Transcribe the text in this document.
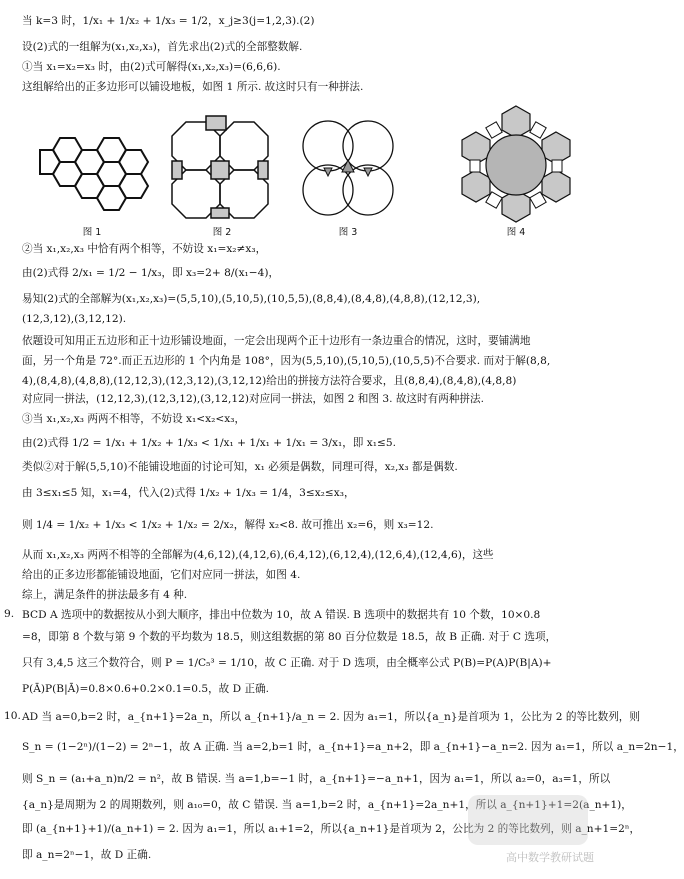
当 k=3 时，1/x₁ + 1/x₂ + 1/x₃ = 1/2，x_j≥3(j=1,2,3).(2)
设(2)式的一组解为(x₁,x₂,x₃)，首先求出(2)式的全部整数解.
①当 x₁=x₂=x₃ 时，由(2)式可解得(x₁,x₂,x₃)=(6,6,6).
这组解给出的正多边形可以铺设地板，如图 1 所示. 故这时只有一种拼法.
图 1	图 2	图 3	图 4
②当 x₁,x₂,x₃ 中恰有两个相等，不妨设 x₁=x₂≠x₃，
由(2)式得 2/x₁ = 1/2 − 1/x₃，即 x₃=2+ 8/(x₁−4)，
易知(2)式的全部解为(x₁,x₂,x₃)=(5,5,10),(5,10,5),(10,5,5),(8,8,4),(8,4,8),(4,8,8),(12,12,3),
(12,3,12),(3,12,12).
依题设可知用正五边形和正十边形铺设地面，一定会出现两个正十边形有一条边重合的情况，这时，要铺满地
面，另一个角是 72°.而正五边形的 1 个内角是 108°，因为(5,5,10),(5,10,5),(10,5,5)不合要求. 而对于解(8,8,
4),(8,4,8),(4,8,8),(12,12,3),(12,3,12),(3,12,12)给出的拼接方法符合要求，且(8,8,4),(8,4,8),(4,8,8)
对应同一拼法，(12,12,3),(12,3,12),(3,12,12)对应同一拼法，如图 2 和图 3. 故这时有两种拼法.
③当 x₁,x₂,x₃ 两两不相等，不妨设 x₁<x₂<x₃，
由(2)式得 1/2 = 1/x₁ + 1/x₂ + 1/x₃ < 1/x₁ + 1/x₁ + 1/x₁ = 3/x₁，即 x₁≤5.
类似②对于解(5,5,10)不能铺设地面的讨论可知，x₁ 必须是偶数，同理可得，x₂,x₃ 都是偶数.
由 3≤x₁≤5 知，x₁=4，代入(2)式得 1/x₂ + 1/x₃ = 1/4，3≤x₂≤x₃，
则 1/4 = 1/x₂ + 1/x₃ < 1/x₂ + 1/x₂ = 2/x₂，解得 x₂<8. 故可推出 x₂=6，则 x₃=12.
从而 x₁,x₂,x₃ 两两不相等的全部解为(4,6,12),(4,12,6),(6,4,12),(6,12,4),(12,6,4),(12,4,6)，这些
给出的正多边形都能铺设地面，它们对应同一拼法，如图 4.
综上，满足条件的拼法最多有 4 种.
9. BCD A 选项中的数据按从小到大顺序，排出中位数为 10，故 A 错误. B 选项中的数据共有 10 个数，10×0.8
=8，即第 8 个数与第 9 个数的平均数为 18.5，则这组数据的第 80 百分位数是 18.5，故 B 正确. 对于 C 选项，
只有 3,4,5 这三个数符合，则 P = 1/C₅³ = 1/10，故 C 正确. 对于 D 选项，由全概率公式 P(B)=P(A)P(B|A)+
P(Ā)P(B|Ā)=0.8×0.6+0.2×0.1=0.5，故 D 正确.
10. AD 当 a=0,b=2 时，a_{n+1}=2a_n，所以 a_{n+1}/a_n = 2. 因为 a₁=1，所以{a_n}是首项为 1，公比为 2 的等比数列，则
S_n = (1−2ⁿ)/(1−2) = 2ⁿ−1，故 A 正确. 当 a=2,b=1 时，a_{n+1}=a_n+2，即 a_{n+1}−a_n=2. 因为 a₁=1，所以 a_n=2n−1，
则 S_n = (a₁+a_n)n/2 = n²，故 B 错误. 当 a=1,b=−1 时，a_{n+1}=−a_n+1，因为 a₁=1，所以 a₂=0，a₃=1，所以
{a_n}是周期为 2 的周期数列，则 a₁₀=0，故 C 错误. 当 a=1,b=2 时，a_{n+1}=2a_n+1，所以 a_{n+1}+1=2(a_n+1)，
即 (a_{n+1}+1)/(a_n+1) = 2. 因为 a₁=1，所以 a₁+1=2，所以{a_n+1}是首项为 2，公比为 2 的等比数列，则 a_n+1=2ⁿ，
即 a_n=2ⁿ−1，故 D 正确.	高中数学教研试题
